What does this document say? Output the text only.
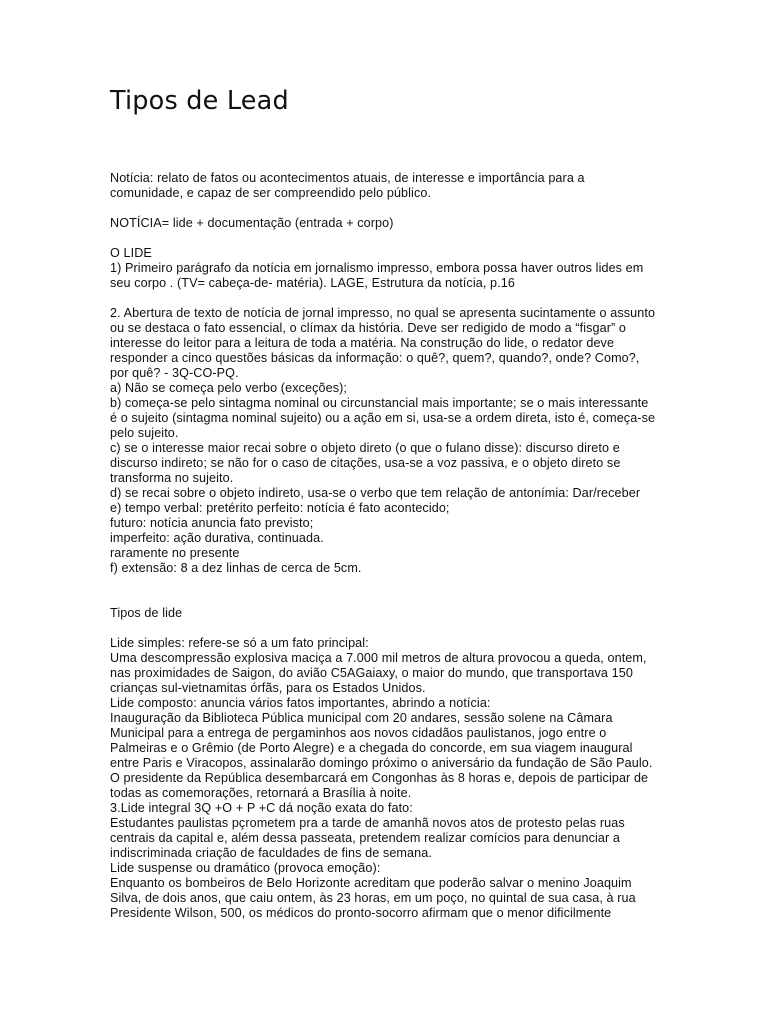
Tipos de Lead
Notícia: relato de fatos ou acontecimentos atuais, de interesse e importância para a
comunidade, e capaz de ser compreendido pelo público.
NOTÍCIA= lide + documentação (entrada + corpo)
O LIDE
1) Primeiro parágrafo da notícia em jornalismo impresso, embora possa haver outros lides em
seu corpo . (TV= cabeça-de- matéria). LAGE, Estrutura da notícia, p.16
2. Abertura de texto de notícia de jornal impresso, no qual se apresenta sucintamente o assunto
ou se destaca o fato essencial, o clímax da história. Deve ser redigido de modo a “fisgar” o
interesse do leitor para a leitura de toda a matéria. Na construção do lide, o redator deve
responder a cinco questões básicas da informação: o quê?, quem?, quando?, onde? Como?,
por quê? - 3Q-CO-PQ.
a) Não se começa pelo verbo (exceções);
b) começa-se pelo sintagma nominal ou circunstancial mais importante; se o mais interessante
é o sujeito (sintagma nominal sujeito) ou a ação em si, usa-se a ordem direta, isto é, começa-se
pelo sujeito.
c) se o interesse maior recai sobre o objeto direto (o que o fulano disse): discurso direto e
discurso indireto; se não for o caso de citações, usa-se a voz passiva, e o objeto direto se
transforma no sujeito.
d) se recai sobre o objeto indireto, usa-se o verbo que tem relação de antonímia: Dar/receber
e) tempo verbal: pretérito perfeito: notícia é fato acontecido;
futuro: notícia anuncia fato previsto;
imperfeito: ação durativa, continuada.
raramente no presente
f) extensão: 8 a dez linhas de cerca de 5cm.
Tipos de lide
Lide simples: refere-se só a um fato principal:
Uma descompressão explosiva maciça a 7.000 mil metros de altura provocou a queda, ontem,
nas proximidades de Saigon, do avião C5AGaiaxy, o maior do mundo, que transportava 150
crianças sul-vietnamitas órfãs, para os Estados Unidos.
Lide composto: anuncia vários fatos importantes, abrindo a notícia:
Inauguração da Biblioteca Pública municipal com 20 andares, sessão solene na Câmara
Municipal para a entrega de pergaminhos aos novos cidadãos paulistanos, jogo entre o
Palmeiras e o Grêmio (de Porto Alegre) e a chegada do concorde, em sua viagem inaugural
entre Paris e Viracopos, assinalarão domingo próximo o aniversário da fundação de São Paulo.
O presidente da República desembarcará em Congonhas às 8 horas e, depois de participar de
todas as comemorações, retornará a Brasília à noite.
3.Lide integral 3Q +O + P +C dá noção exata do fato:
Estudantes paulistas pçrometem pra a tarde de amanhã novos atos de protesto pelas ruas
centrais da capital e, além dessa passeata, pretendem realizar comícios para denunciar a
indiscriminada criação de faculdades de fins de semana.
Lide suspense ou dramático (provoca emoção):
Enquanto os bombeiros de Belo Horizonte acreditam que poderão salvar o menino Joaquim
Silva, de dois anos, que caiu ontem, às 23 horas, em um poço, no quintal de sua casa, à rua
Presidente Wilson, 500, os médicos do pronto-socorro afirmam que o menor dificilmente
